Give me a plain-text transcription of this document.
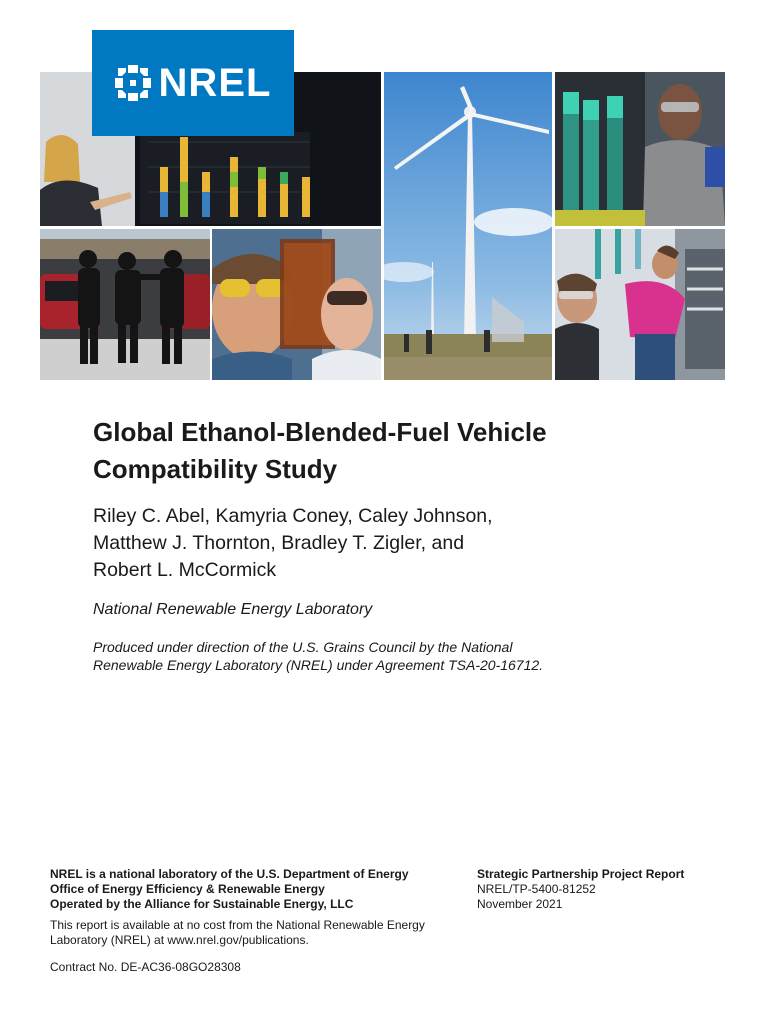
NREL
Global Ethanol-Blended-Fuel Vehicle
Compatibility Study
Riley C. Abel, Kamyria Coney, Caley Johnson,
Matthew J. Thornton, Bradley T. Zigler, and
Robert L. McCormick
National Renewable Energy Laboratory
Produced under direction of the U.S. Grains Council by the National
Renewable Energy Laboratory (NREL) under Agreement TSA-20-16712.
NREL is a national laboratory of the U.S. Department of Energy
Office of Energy Efficiency & Renewable Energy
Operated by the Alliance for Sustainable Energy, LLC
This report is available at no cost from the National Renewable Energy
Laboratory (NREL) at www.nrel.gov/publications.
Contract No. DE-AC36-08GO28308
Strategic Partnership Project Report
NREL/TP-5400-81252
November 2021
